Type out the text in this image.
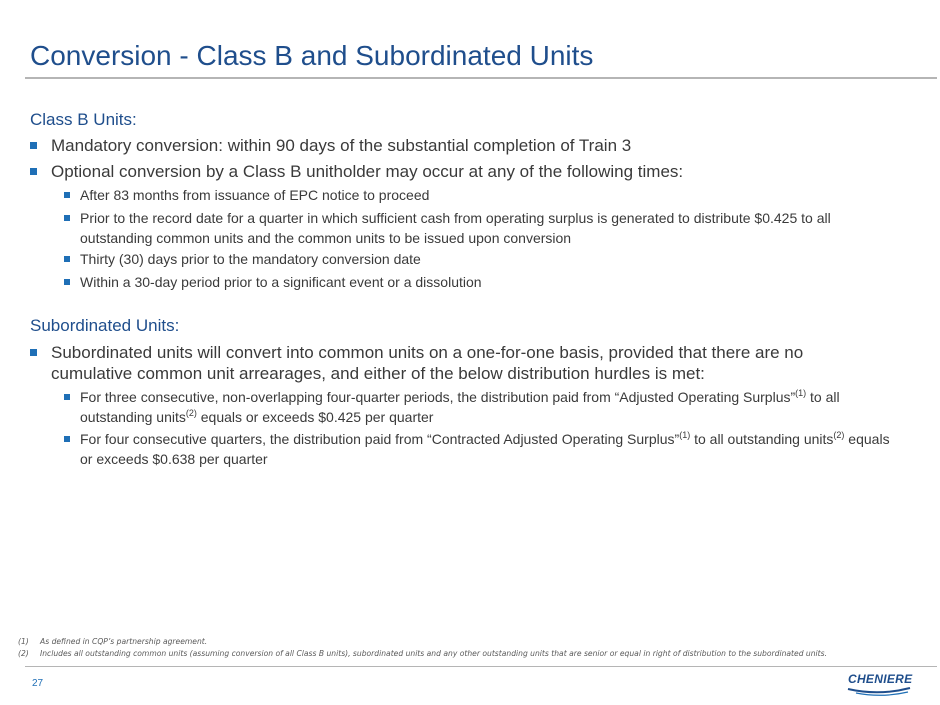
Conversion - Class B and Subordinated Units
Class B Units:
Mandatory conversion: within 90 days of the substantial completion of Train 3
Optional conversion by a Class B unitholder may occur at any of the following times:
After 83 months from issuance of EPC notice to proceed
Prior to the record date for a quarter in which sufficient cash from operating surplus is generated to distribute $0.425 to all outstanding common units and the common units to be issued upon conversion
Thirty (30) days prior to the mandatory conversion date
Within a 30-day period prior to a significant event or a dissolution
Subordinated Units:
Subordinated units will convert into common units on a one-for-one basis, provided that there are no cumulative common unit arrearages, and either of the below distribution hurdles is met:
For three consecutive, non-overlapping four-quarter periods, the distribution paid from “Adjusted Operating Surplus”$^{(1)}$ to all outstanding units$^{(2)}$ equals or exceeds $0.425 per quarter
For four consecutive quarters, the distribution paid from “Contracted Adjusted Operating Surplus”$^{(1)}$ to all outstanding units$^{(2)}$ equals or exceeds $0.638 per quarter
(1) As defined in CQP’s partnership agreement.
(2) Includes all outstanding common units (assuming conversion of all Class B units), subordinated units and any other outstanding units that are senior or equal in right of distribution to the subordinated units.
27	CHENIERE
